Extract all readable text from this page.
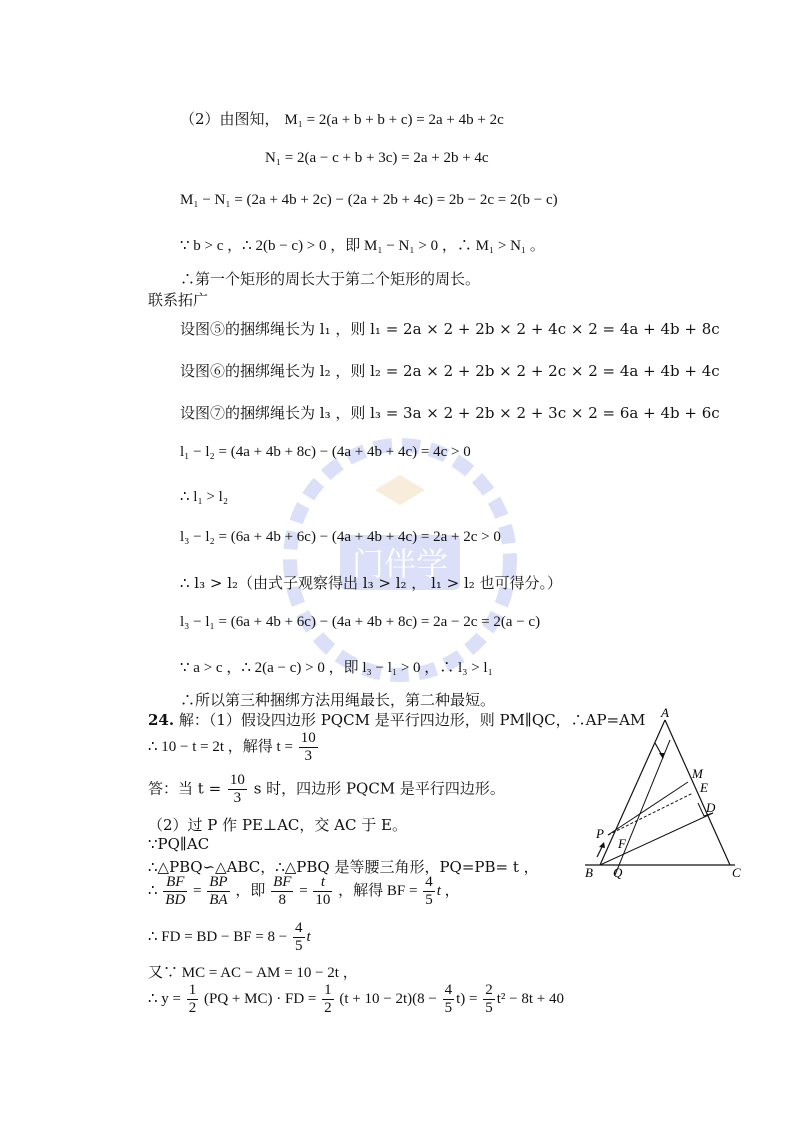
门伴学
（2）由图知， M₁ = 2(a + b + b + c) = 2a + 4b + 2c
N₁ = 2(a − c + b + 3c) = 2a + 2b + 4c
M₁ − N₁ = (2a + 4b + 2c) − (2a + 2b + 4c) = 2b − 2c = 2(b − c)
∵ b > c ，∴ 2(b − c) > 0 ，即 M₁ − N₁ > 0 ，∴ M₁ > N₁ 。
∴第一个矩形的周长大于第二个矩形的周长。
联系拓广
设图⑤的捆绑绳长为 l₁ ，则 l₁ = 2a × 2 + 2b × 2 + 4c × 2 = 4a + 4b + 8c
设图⑥的捆绑绳长为 l₂ ，则 l₂ = 2a × 2 + 2b × 2 + 2c × 2 = 4a + 4b + 4c
设图⑦的捆绑绳长为 l₃ ，则 l₃ = 3a × 2 + 2b × 2 + 3c × 2 = 6a + 4b + 6c
l₁ − l₂ = (4a + 4b + 8c) − (4a + 4b + 4c) = 4c > 0
∴ l₁ > l₂
l₃ − l₂ = (6a + 4b + 6c) − (4a + 4b + 4c) = 2a + 2c > 0
∴ l₃ > l₂（由式子观察得出 l₃ > l₂ ， l₁ > l₂ 也可得分。）
l₃ − l₁ = (6a + 4b + 6c) − (4a + 4b + 8c) = 2a − 2c = 2(a − c)
∵ a > c ，∴ 2(a − c) > 0 ，即 l₃ − l₁ > 0 ，∴ l₃ > l₁
∴所以第三种捆绑方法用绳最长，第二种最短。
24. 解：（1）假设四边形 PQCM 是平行四边形，则 PM∥QC，∴AP=AM
∴ 10 − t = 2t ，解得 $t = \frac{10}{3}$
答：当 $t = \frac{10}{3}$ s 时，四边形 PQCM 是平行四边形。
（2）过 P 作 PE⊥AC，交 AC 于 E。
∵PQ∥AC
∴△PBQ∽△ABC，∴△PBQ 是等腰三角形，PQ=PB= t ，
∴ $\frac{BF}{BD} = \frac{BP}{BA}$ ，即 $\frac{BF}{8} = \frac{t}{10}$ ，解得 BF = $\frac{4}{5}$ t ，
∴ FD = BD − BF = $8 - \frac{4}{5}$ t
又∵ MC = AC − AM = 10 − 2t ，
∴ $y = \frac{1}{2} (PQ + MC)$ · FD = $\frac{1}{2} (t + 10 - 2t)(8 - \frac{4}{5} t) = \frac{2}{5} t^2 - 8t + 40$
A
M
E
D
P
F
B Q	C
